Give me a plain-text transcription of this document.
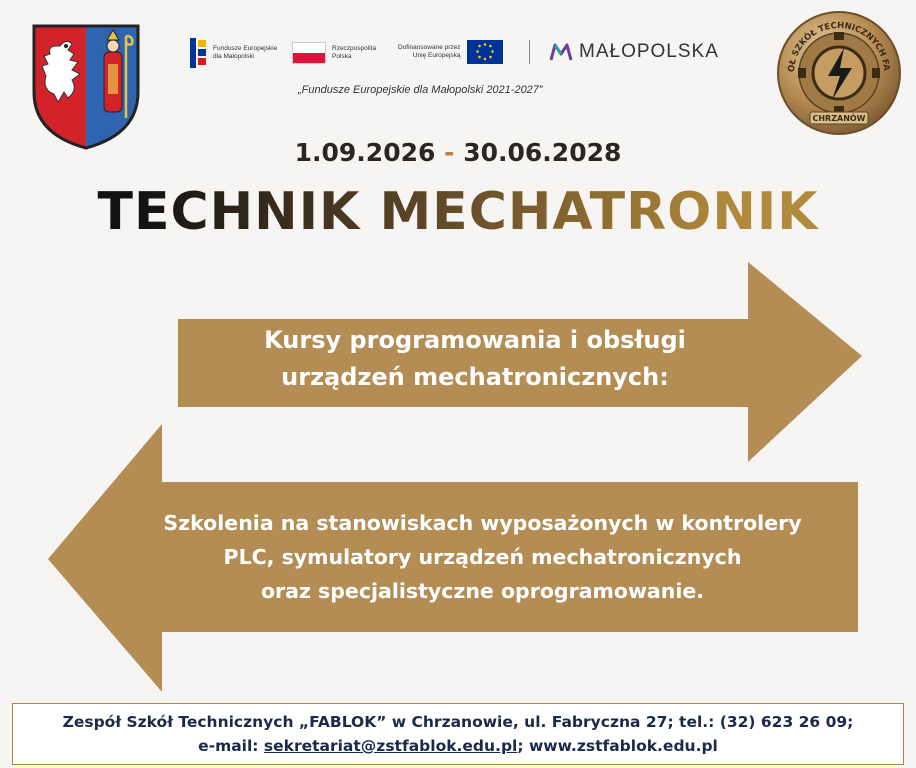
Fundusze Europejskie
dla Małopolski
Rzeczpospolita
Polska
Dofinansowane przez
Unię Europejską	MAŁOPOLSKA
„Fundusze Europejskie dla Małopolski 2021-2027”
ÓŁ SZKÓŁ TECHNICZNYCH FA
CHRZANÓW
1.09.2026 - 30.06.2028
TECHNIK MECHATRONIK
Kursy programowania i obsługi
urządzeń mechatronicznych:
Szkolenia na stanowiskach wyposażonych w kontrolery
PLC, symulatory urządzeń mechatronicznych
oraz specjalistyczne oprogramowanie.
Zespół Szkół Technicznych „FABLOK” w Chrzanowie, ul. Fabryczna 27; tel.: (32) 623 26 09;
e-mail: sekretariat@zstfablok.edu.pl; www.zstfablok.edu.pl
